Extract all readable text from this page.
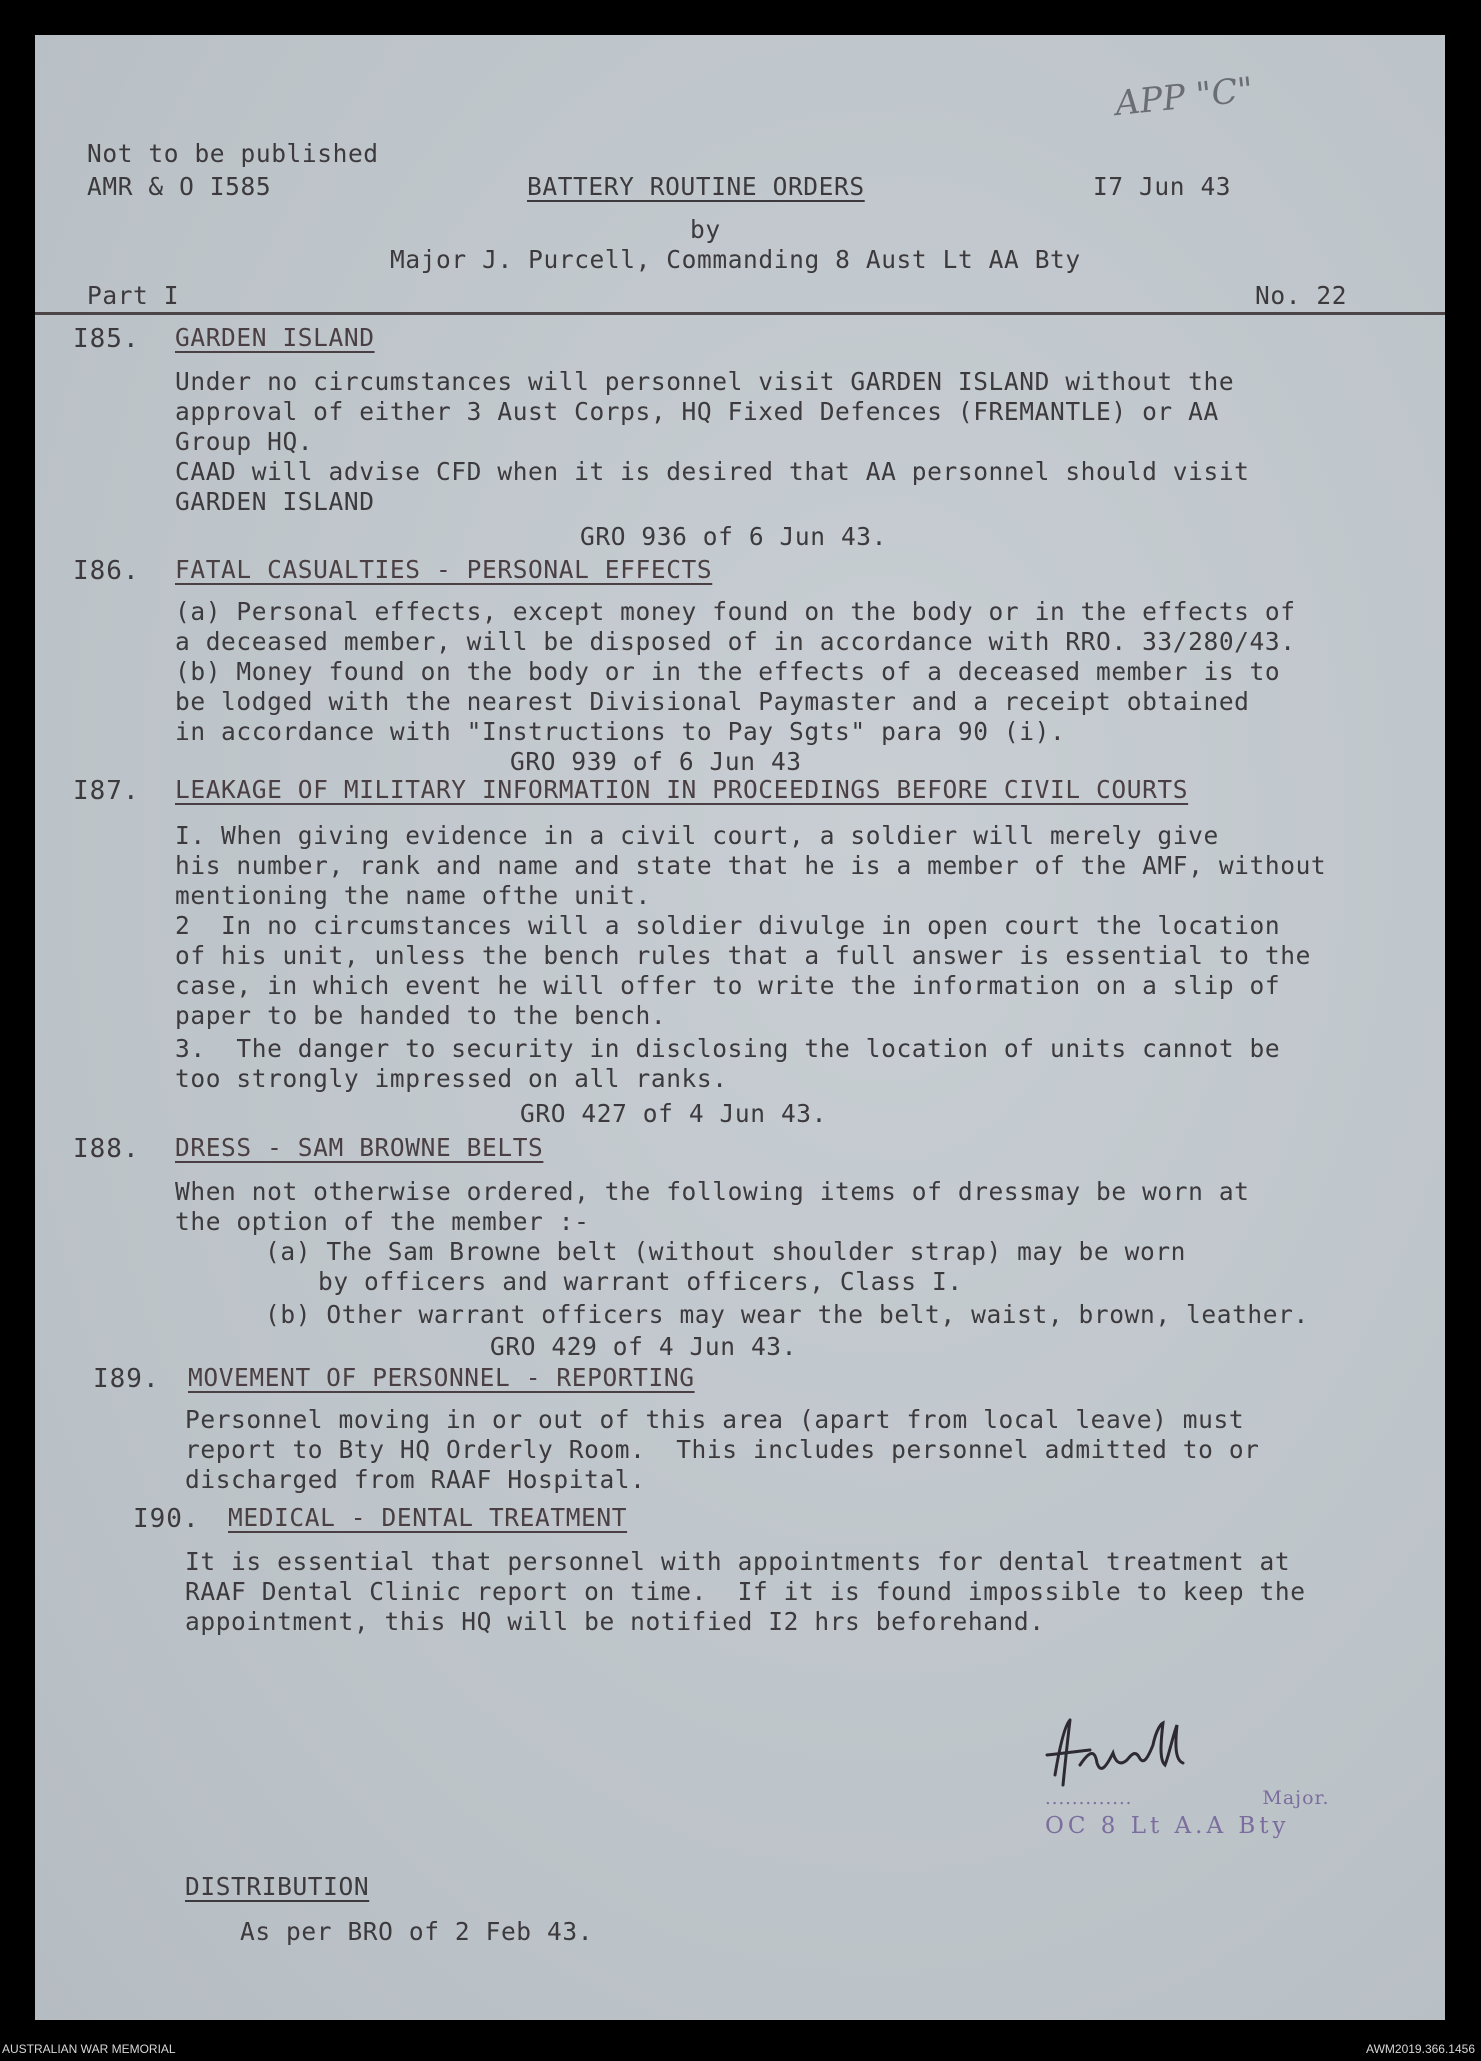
APP "C"
Not to be published
AMR & O I585	BATTERY ROUTINE ORDERS	I7 Jun 43
by
Major J. Purcell, Commanding 8 Aust Lt AA Bty
Part I	No. 22
I85. GARDEN ISLAND
Under no circumstances will personnel visit GARDEN ISLAND without the
approval of either 3 Aust Corps, HQ Fixed Defences (FREMANTLE) or AA
Group HQ.
CAAD will advise CFD when it is desired that AA personnel should visit
GARDEN ISLAND
GRO 936 of 6 Jun 43.
I86. FATAL CASUALTIES - PERSONAL EFFECTS
(a) Personal effects, except money found on the body or in the effects of
a deceased member, will be disposed of in accordance with RRO. 33/280/43.
(b) Money found on the body or in the effects of a deceased member is to
be lodged with the nearest Divisional Paymaster and a receipt obtained
in accordance with "Instructions to Pay Sgts" para 90 (i).
GRO 939 of 6 Jun 43
I87. LEAKAGE OF MILITARY INFORMATION IN PROCEEDINGS BEFORE CIVIL COURTS
I. When giving evidence in a civil court, a soldier will merely give
his number, rank and name and state that he is a member of the AMF, without
mentioning the name ofthe unit.
2  In no circumstances will a soldier divulge in open court the location
of his unit, unless the bench rules that a full answer is essential to the
case, in which event he will offer to write the information on a slip of
paper to be handed to the bench.
3.  The danger to security in disclosing the location of units cannot be
too strongly impressed on all ranks.
GRO 427 of 4 Jun 43.
I88. DRESS - SAM BROWNE BELTS
When not otherwise ordered, the following items of dressmay be worn at
the option of the member :-
(a) The Sam Browne belt (without shoulder strap) may be worn
by officers and warrant officers, Class I.
(b) Other warrant officers may wear the belt, waist, brown, leather.
GRO 429 of 4 Jun 43.
I89. MOVEMENT OF PERSONNEL - REPORTING
Personnel moving in or out of this area (apart from local leave) must
report to Bty HQ Orderly Room.  This includes personnel admitted to or
discharged from RAAF Hospital.
I90. MEDICAL - DENTAL TREATMENT
It is essential that personnel with appointments for dental treatment at
RAAF Dental Clinic report on time.  If it is found impossible to keep the
appointment, this HQ will be notified I2 hrs beforehand.
.............	Major.
OC 8 Lt A.A Bty
DISTRIBUTION
As per BRO of 2 Feb 43.
AUSTRALIAN WAR MEMORIAL	AWM2019.366.1456
